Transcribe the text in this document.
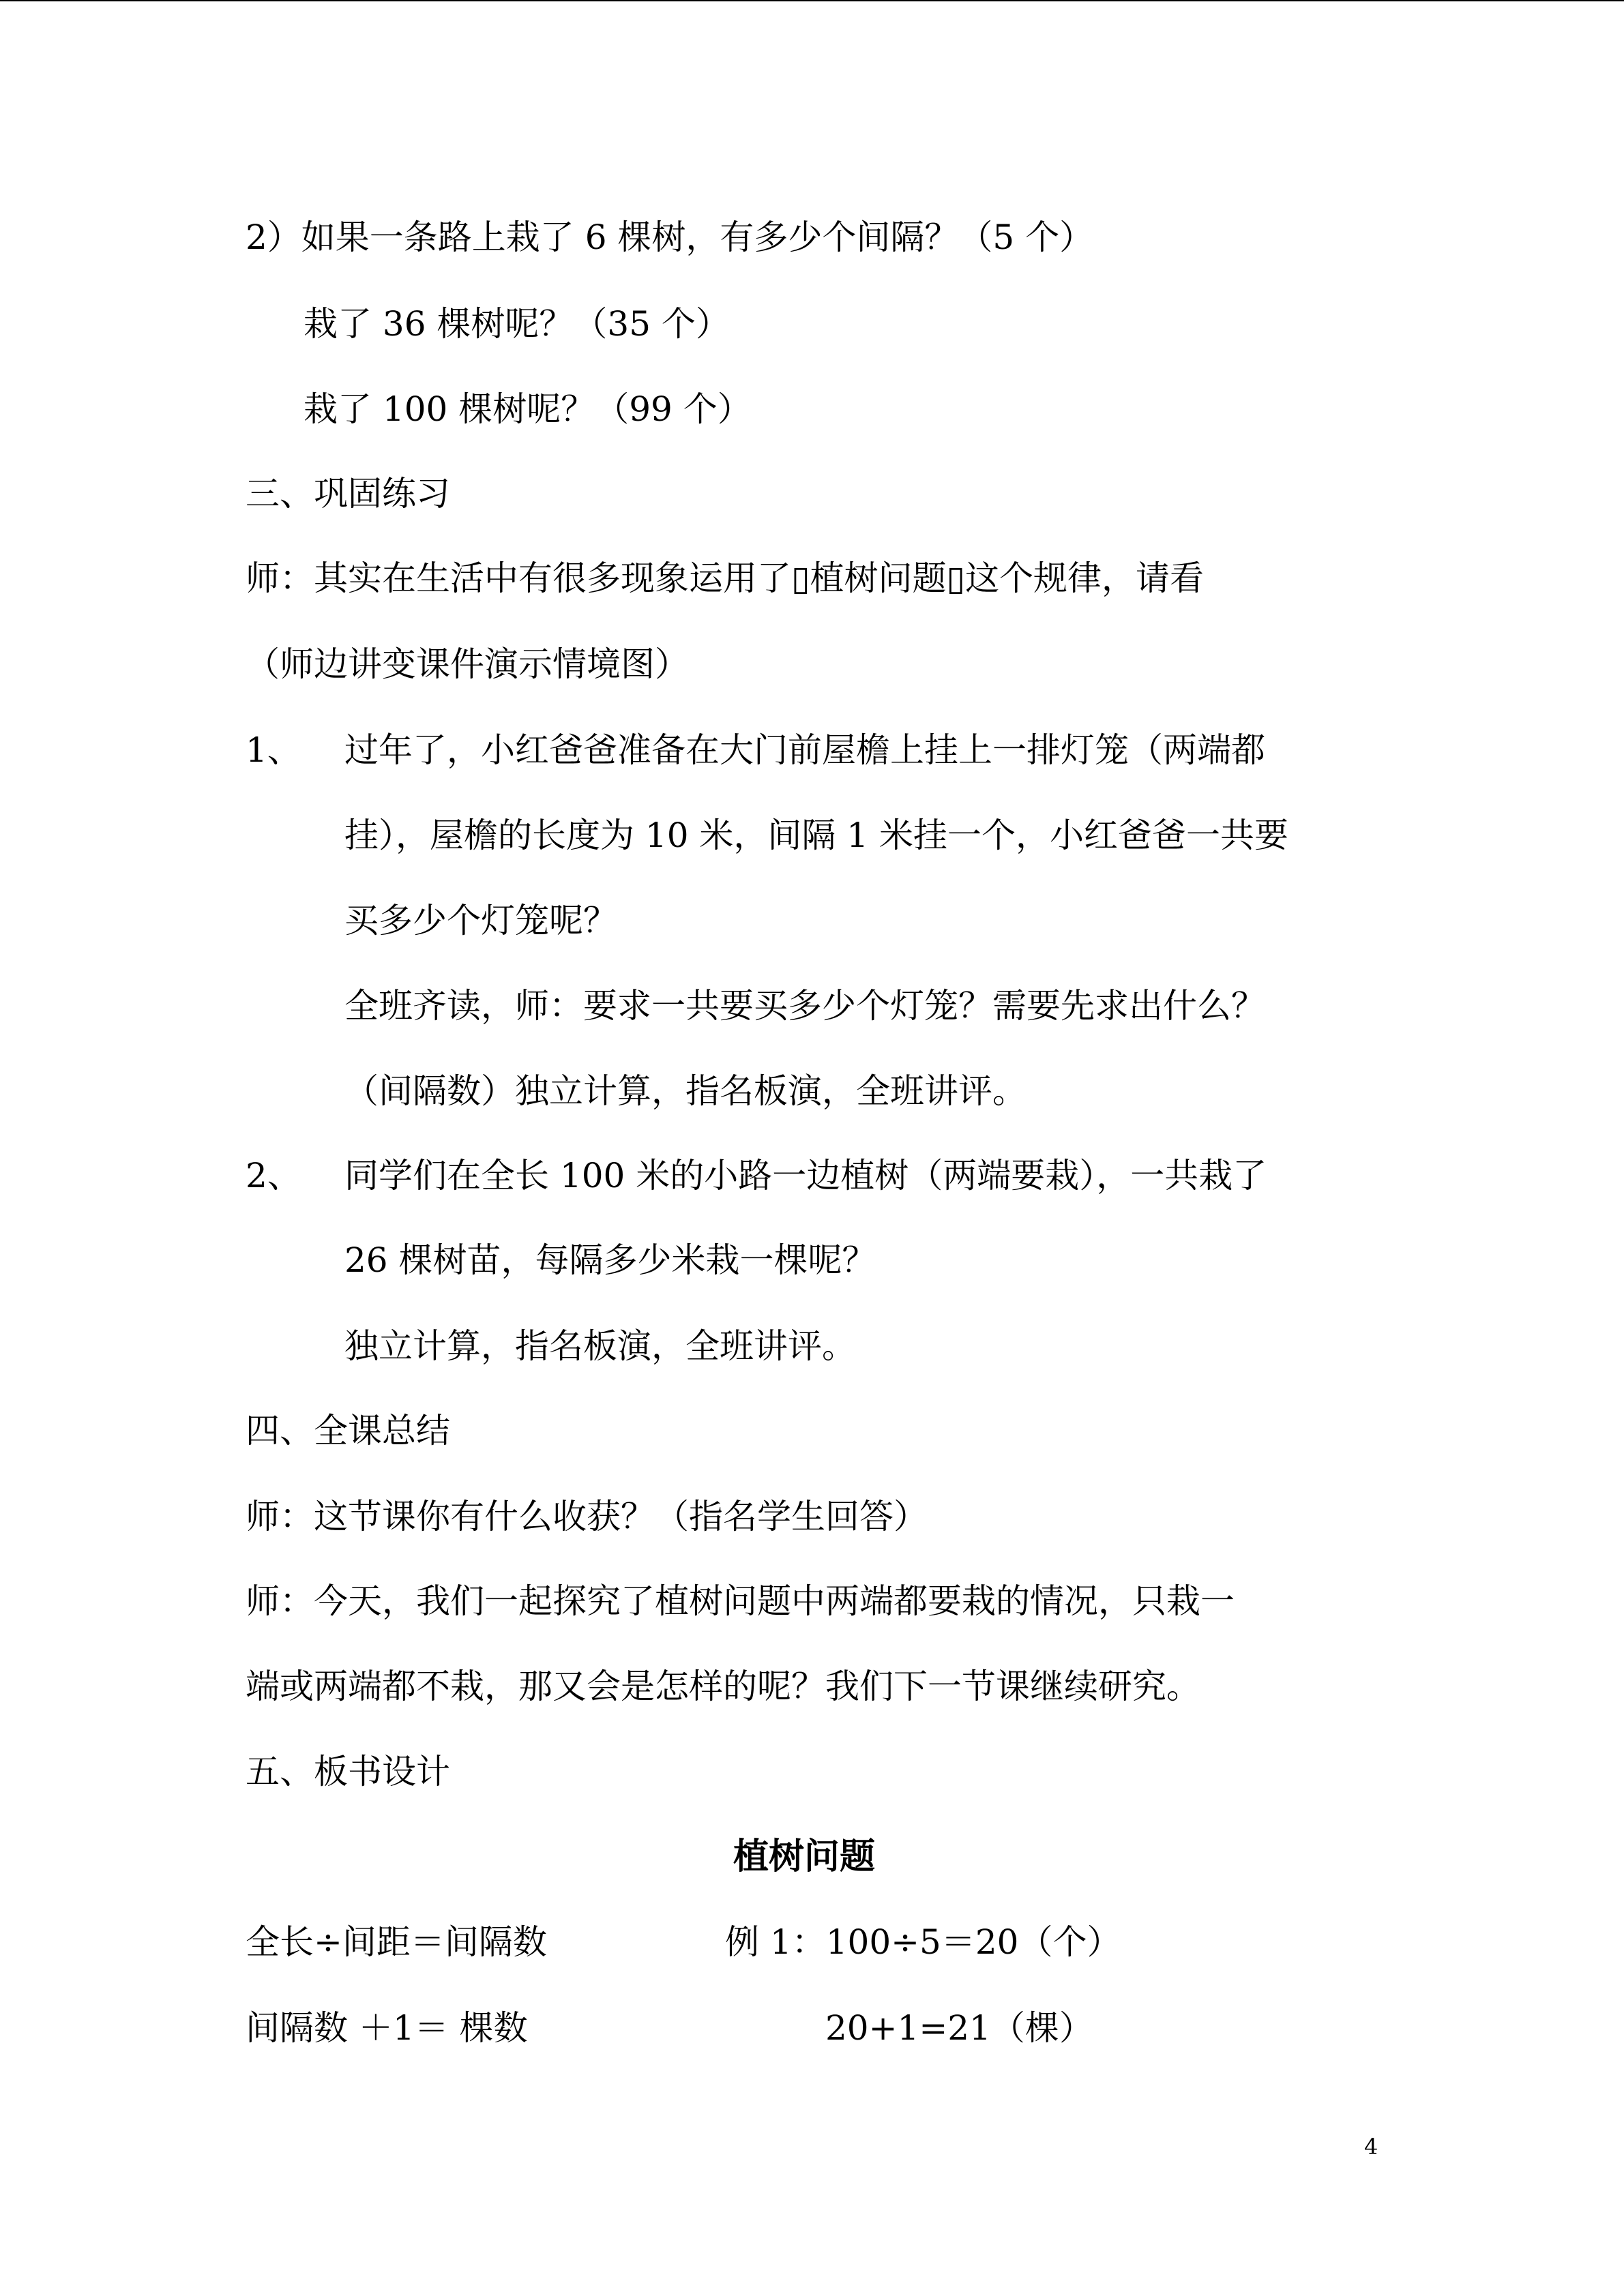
2）如果一条路上栽了 6 棵树，有多少个间隔？（5 个）
栽了 36 棵树呢？（35 个）
栽了 100 棵树呢？（99 个）
三、巩固练习
师：其实在生活中有很多现象运用了▯植树问题▯这个规律，请看
（师边讲变课件演示情境图）
1、 过年了，小红爸爸准备在大门前屋檐上挂上一排灯笼（两端都
挂），屋檐的长度为 10 米，间隔 1 米挂一个，小红爸爸一共要
买多少个灯笼呢？
全班齐读，师：要求一共要买多少个灯笼？需要先求出什么？
（间隔数）独立计算，指名板演，全班讲评。
2、 同学们在全长 100 米的小路一边植树（两端要栽），一共栽了
26 棵树苗，每隔多少米栽一棵呢？
独立计算，指名板演，全班讲评。
四、全课总结
师：这节课你有什么收获？（指名学生回答）
师：今天，我们一起探究了植树问题中两端都要栽的情况，只栽一
端或两端都不栽，那又会是怎样的呢？我们下一节课继续研究。
五、板书设计
植树问题
全长÷间距＝间隔数	例 1：100÷5＝20（个）
间隔数 ＋1＝ 棵数	20+1=21（棵）
4
